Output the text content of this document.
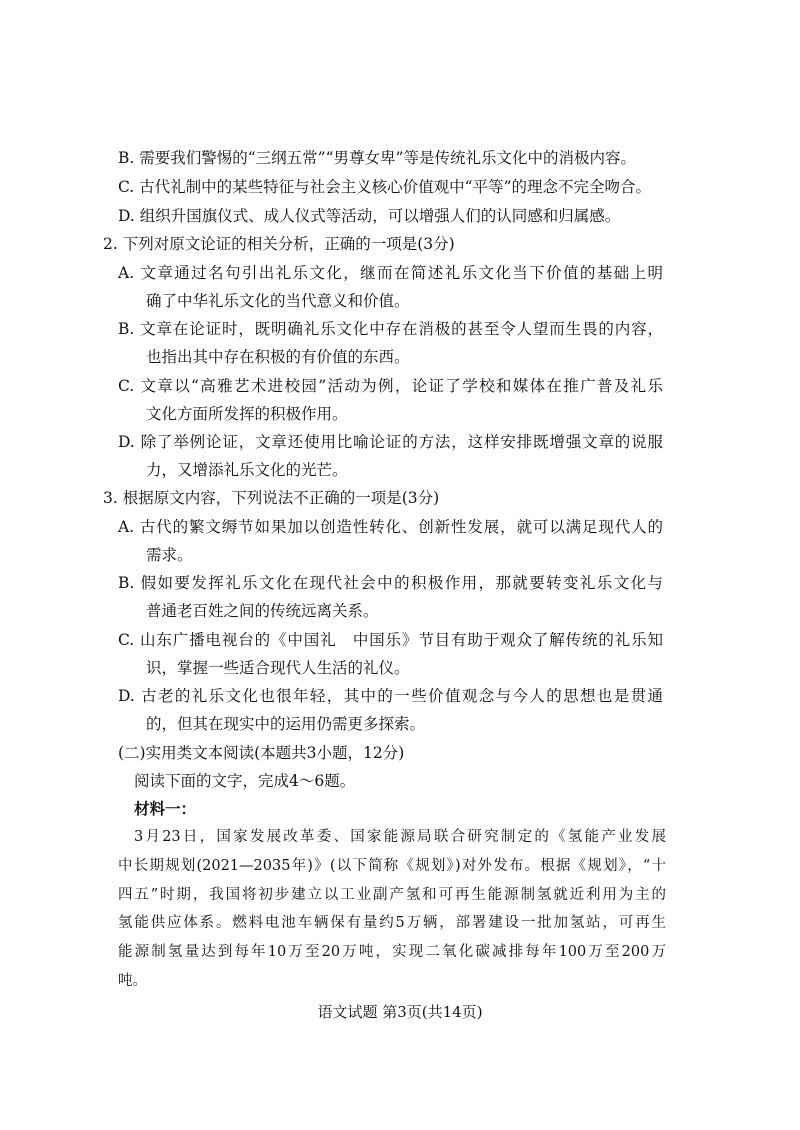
B. 需要我们警惕的“三纲五常”“男尊女卑”等是传统礼乐文化中的消极内容。

C. 古代礼制中的某些特征与社会主义核心价值观中“平等”的理念不完全吻合。

D. 组织升国旗仪式、成人仪式等活动，可以增强人们的认同感和归属感。

2. 下列对原文论证的相关分析，正确的一项是(3分)

A. 文章通过名句引出礼乐文化，继而在简述礼乐文化当下价值的基础上明

确了中华礼乐文化的当代意义和价值。

B. 文章在论证时，既明确礼乐文化中存在消极的甚至令人望而生畏的内容，

也指出其中存在积极的有价值的东西。

C. 文章以“高雅艺术进校园”活动为例，论证了学校和媒体在推广普及礼乐

文化方面所发挥的积极作用。

D. 除了举例论证，文章还使用比喻论证的方法，这样安排既增强文章的说服

力，又增添礼乐文化的光芒。

3. 根据原文内容，下列说法不正确的一项是(3分)

A. 古代的繁文缛节如果加以创造性转化、创新性发展，就可以满足现代人的

需求。

B. 假如要发挥礼乐文化在现代社会中的积极作用，那就要转变礼乐文化与

普通老百姓之间的传统远离关系。

C. 山东广播电视台的《中国礼　中国乐》节目有助于观众了解传统的礼乐知

识，掌握一些适合现代人生活的礼仪。

D. 古老的礼乐文化也很年轻，其中的一些价值观念与今人的思想也是贯通

的，但其在现实中的运用仍需更多探索。

(二)实用类文本阅读(本题共3小题，12分)

阅读下面的文字，完成4～6题。

材料一：

3月23日，国家发展改革委、国家能源局联合研究制定的《氢能产业发展

中长期规划(2021—2035年)》(以下简称《规划》)对外发布。根据《规划》，“十

四五”时期，我国将初步建立以工业副产氢和可再生能源制氢就近利用为主的

氢能供应体系。燃料电池车辆保有量约5万辆，部署建设一批加氢站，可再生

能源制氢量达到每年10万至20万吨，实现二氧化碳减排每年100万至200万

吨。

语文试题 第3页(共14页)
